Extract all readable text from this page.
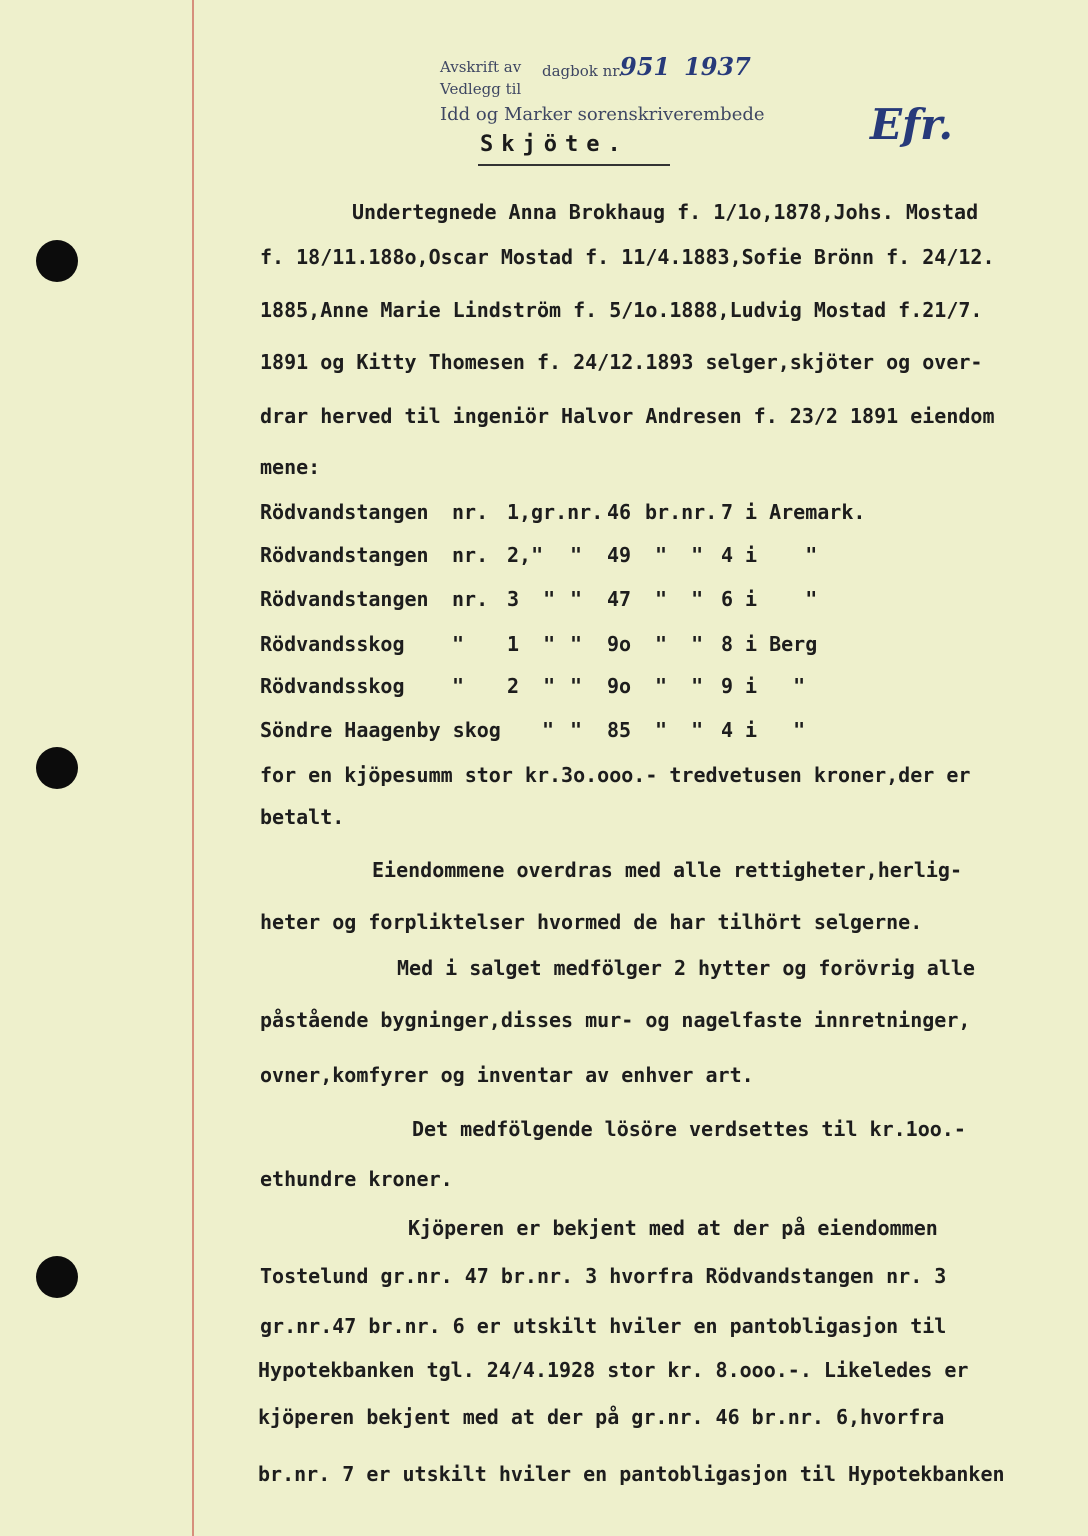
Avskrift av dagbok nr.
951 1937
Vedlegg til
Idd og Marker sorenskriverembede	Efr.
Skjöte.
Undertegnede Anna Brokhaug f. 1/1o,1878,Johs. Mostad
f. 18/11.188o,Oscar Mostad f. 11/4.1883,Sofie Brönn f. 24/12.
1885,Anne Marie Lindström f. 5/1o.1888,Ludvig Mostad f.21/7.
1891 og Kitty Thomesen f. 24/12.1893 selger,skjöter og over-
drar herved til ingeniör Halvor Andresen f. 23/2 1891 eiendom
mene:
Rödvandstangen nr. 1, gr.nr. 46 br.nr. 7 i Aremark.
Rödvandstangen nr. 2," " 49 "  " 4 i    "
Rödvandstangen nr. 3  " " 47 "  " 6 i    "
Rödvandsskog " 1  " " 9o "  " 8 i Berg
Rödvandsskog " 2  " " 9o "  " 9 i   "
Söndre Haagenby skog " " 85 "  " 4 i   "
for en kjöpesumm stor kr.3o.ooo.- tredvetusen kroner,der er
betalt.
Eiendommene overdras med alle rettigheter,herlig-
heter og forpliktelser hvormed de har tilhört selgerne.
Med i salget medfölger 2 hytter og forövrig alle
påstående bygninger,disses mur- og nagelfaste innretninger,
ovner,komfyrer og inventar av enhver art.
Det medfölgende lösöre verdsettes til kr.1oo.-
ethundre kroner.
Kjöperen er bekjent med at der på eiendommen
Tostelund gr.nr. 47 br.nr. 3 hvorfra Rödvandstangen nr. 3
gr.nr.47 br.nr. 6 er utskilt hviler en pantobligasjon til
Hypotekbanken tgl. 24/4.1928 stor kr. 8.ooo.-. Likeledes er
kjöperen bekjent med at der på gr.nr. 46 br.nr. 6,hvorfra
br.nr. 7 er utskilt hviler en pantobligasjon til Hypotekbanken
